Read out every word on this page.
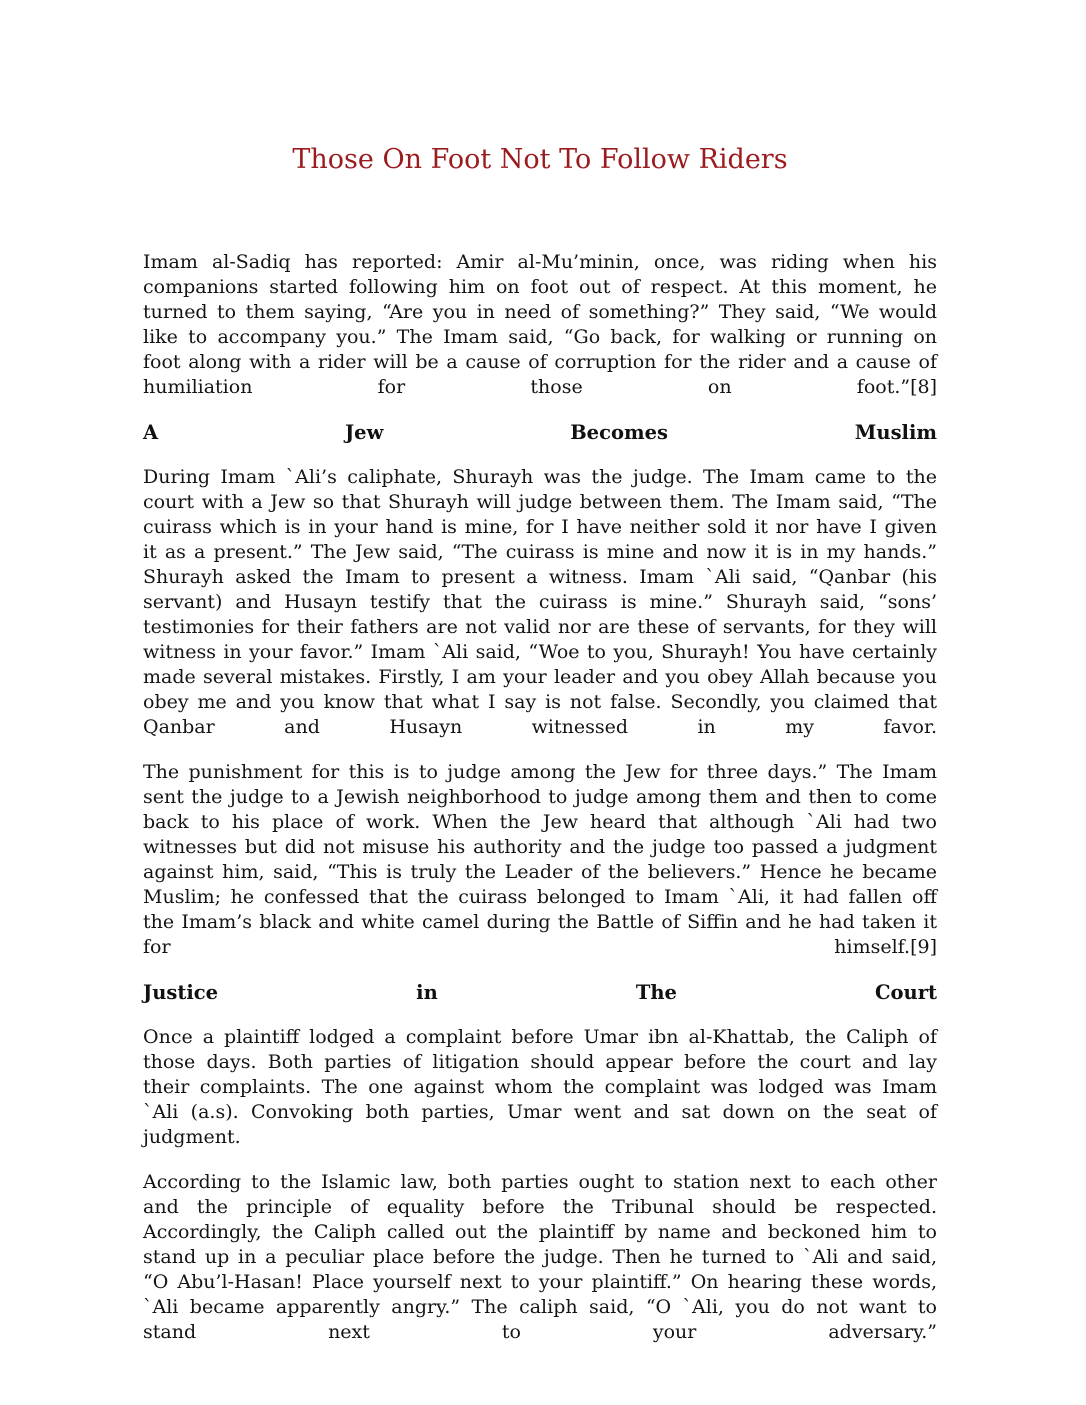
Those On Foot Not To Follow Riders

Imam al-Sadiq has reported: Amir al-Mu’minin, once, was riding when his companions started following him on foot out of respect. At this moment, he turned to them saying, “Are you in need of something?” They said, “We would like to accompany you.” The Imam said, “Go back, for walking or running on foot along with a rider will be a cause of corruption for the rider and a cause of humiliation for those on foot.”[8]

A Jew Becomes Muslim

During Imam `Ali’s caliphate, Shurayh was the judge. The Imam came to the court with a Jew so that Shurayh will judge between them. The Imam said, “The cuirass which is in your hand is mine, for I have neither sold it nor have I given it as a present.” The Jew said, “The cuirass is mine and now it is in my hands.” Shurayh asked the Imam to present a witness. Imam `Ali said, “Qanbar (his servant) and Husayn testify that the cuirass is mine.” Shurayh said, “sons’ testimonies for their fathers are not valid nor are these of servants, for they will witness in your favor.” Imam `Ali said, “Woe to you, Shurayh! You have certainly made several mistakes. Firstly, I am your leader and you obey Allah because you obey me and you know that what I say is not false. Secondly, you claimed that Qanbar and Husayn witnessed in my favor.

The punishment for this is to judge among the Jew for three days.” The Imam sent the judge to a Jewish neighborhood to judge among them and then to come back to his place of work. When the Jew heard that although `Ali had two witnesses but did not misuse his authority and the judge too passed a judgment against him, said, “This is truly the Leader of the believers.” Hence he became Muslim; he confessed that the cuirass belonged to Imam `Ali, it had fallen off the Imam’s black and white camel during the Battle of Siffin and he had taken it for himself.[9]

Justice in The Court

Once a plaintiff lodged a complaint before Umar ibn al-Khattab, the Caliph of those days. Both parties of litigation should appear before the court and lay their complaints. The one against whom the complaint was lodged was Imam `Ali (a.s). Convoking both parties, Umar went and sat down on the seat of judgment.

According to the Islamic law, both parties ought to station next to each other and the principle of equality before the Tribunal should be respected. Accordingly, the Caliph called out the plaintiff by name and beckoned him to stand up in a peculiar place before the judge. Then he turned to `Ali and said, “O Abu’l-Hasan! Place yourself next to your plaintiff.” On hearing these words, `Ali became apparently angry.” The caliph said, “O `Ali, you do not want to stand next to your adversary.”
